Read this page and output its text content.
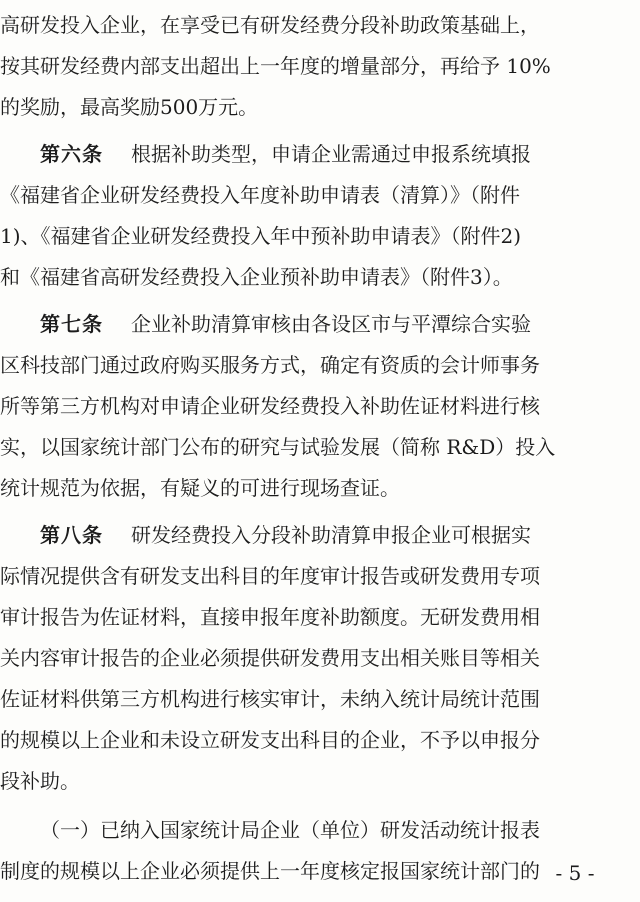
高研发投入企业，在享受已有研发经费分段补助政策基础上，
按其研发经费内部支出超出上一年度的增量部分，再给予 10%
的奖励，最高奖励500万元。
第六条 根据补助类型，申请企业需通过申报系统填报
《福建省企业研发经费投入年度补助申请表（清算）》（附件
1)、《福建省企业研发经费投入年中预补助申请表》（附件2)
和《福建省高研发经费投入企业预补助申请表》（附件3）。
第七条 企业补助清算审核由各设区市与平潭综合实验
区科技部门通过政府购买服务方式，确定有资质的会计师事务
所等第三方机构对申请企业研发经费投入补助佐证材料进行核
实，以国家统计部门公布的研究与试验发展（简称 R&D）投入
统计规范为依据，有疑义的可进行现场查证。
第八条 研发经费投入分段补助清算申报企业可根据实
际情况提供含有研发支出科目的年度审计报告或研发费用专项
审计报告为佐证材料，直接申报年度补助额度。无研发费用相
关内容审计报告的企业必须提供研发费用支出相关账目等相关
佐证材料供第三方机构进行核实审计，未纳入统计局统计范围
的规模以上企业和未设立研发支出科目的企业，不予以申报分
段补助。
- 5 -
（一）已纳入国家统计局企业（单位）研发活动统计报表
制度的规模以上企业必须提供上一年度核定报国家统计部门的
